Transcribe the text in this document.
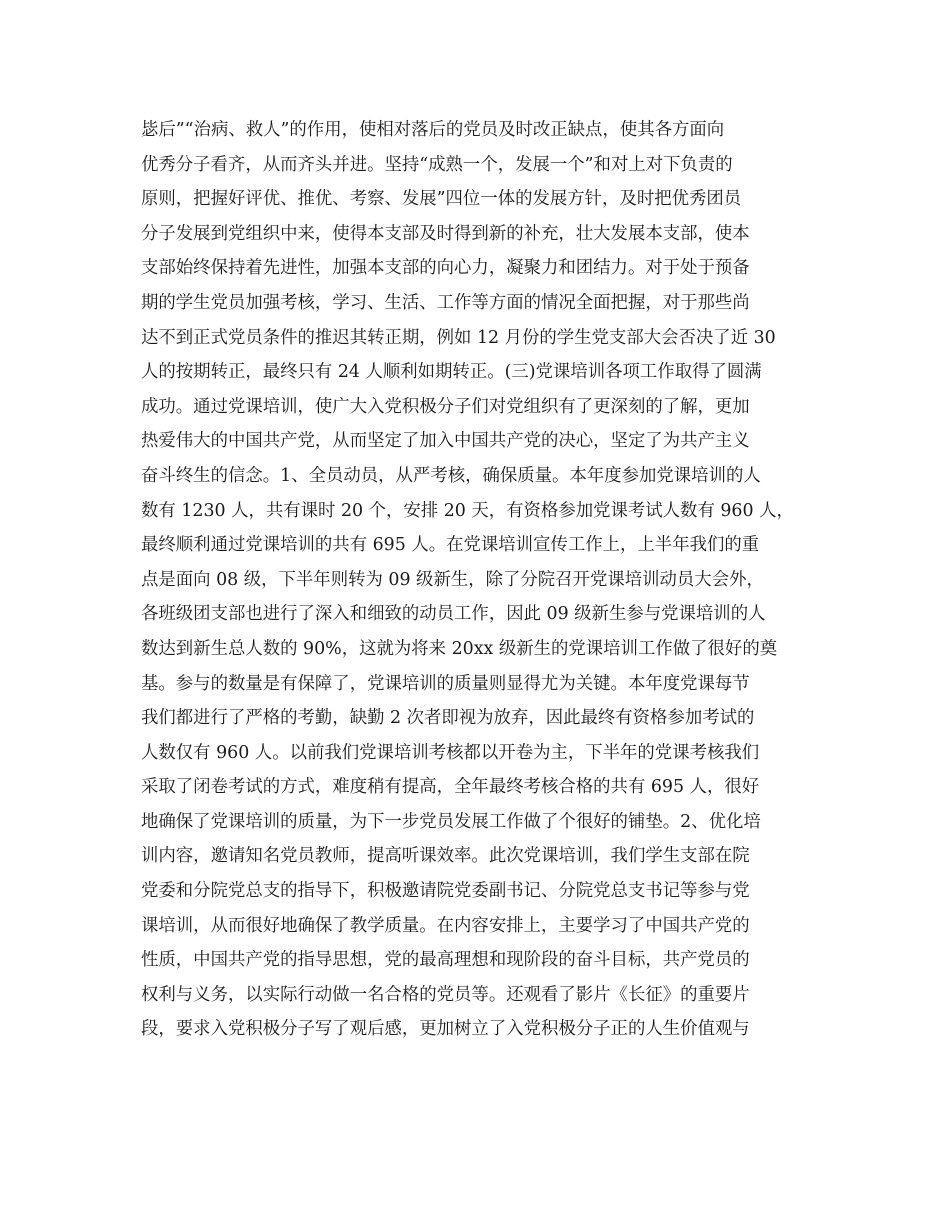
毖后”“治病、救人”的作用，使相对落后的党员及时改正缺点，使其各方面向
优秀分子看齐，从而齐头并进。坚持“成熟一个，发展一个”和对上对下负责的
原则，把握好评优、推优、考察、发展”四位一体的发展方针，及时把优秀团员
分子发展到党组织中来，使得本支部及时得到新的补充，壮大发展本支部，使本
支部始终保持着先进性，加强本支部的向心力，凝聚力和团结力。对于处于预备
期的学生党员加强考核，学习、生活、工作等方面的情况全面把握，对于那些尚
达不到正式党员条件的推迟其转正期，例如 12 月份的学生党支部大会否决了近 30
人的按期转正，最终只有 24 人顺利如期转正。(三)党课培训各项工作取得了圆满
成功。通过党课培训，使广大入党积极分子们对党组织有了更深刻的了解，更加
热爱伟大的中国共产党，从而坚定了加入中国共产党的决心，坚定了为共产主义
奋斗终生的信念。1、全员动员，从严考核，确保质量。本年度参加党课培训的人
数有 1230 人，共有课时 20 个，安排 20 天，有资格参加党课考试人数有 960 人，
最终顺利通过党课培训的共有 695 人。在党课培训宣传工作上，上半年我们的重
点是面向 08 级，下半年则转为 09 级新生，除了分院召开党课培训动员大会外，
各班级团支部也进行了深入和细致的动员工作，因此 09 级新生参与党课培训的人
数达到新生总人数的 90%，这就为将来 20xx 级新生的党课培训工作做了很好的奠
基。参与的数量是有保障了，党课培训的质量则显得尤为关键。本年度党课每节
我们都进行了严格的考勤，缺勤 2 次者即视为放弃，因此最终有资格参加考试的
人数仅有 960 人。以前我们党课培训考核都以开卷为主，下半年的党课考核我们
采取了闭卷考试的方式，难度稍有提高，全年最终考核合格的共有 695 人，很好
地确保了党课培训的质量，为下一步党员发展工作做了个很好的铺垫。2、优化培
训内容，邀请知名党员教师，提高听课效率。此次党课培训，我们学生支部在院
党委和分院党总支的指导下，积极邀请院党委副书记、分院党总支书记等参与党
课培训，从而很好地确保了教学质量。在内容安排上，主要学习了中国共产党的
性质，中国共产党的指导思想，党的最高理想和现阶段的奋斗目标，共产党员的
权利与义务，以实际行动做一名合格的党员等。还观看了影片《长征》的重要片
段，要求入党积极分子写了观后感，更加树立了入党积极分子正的人生价值观与
